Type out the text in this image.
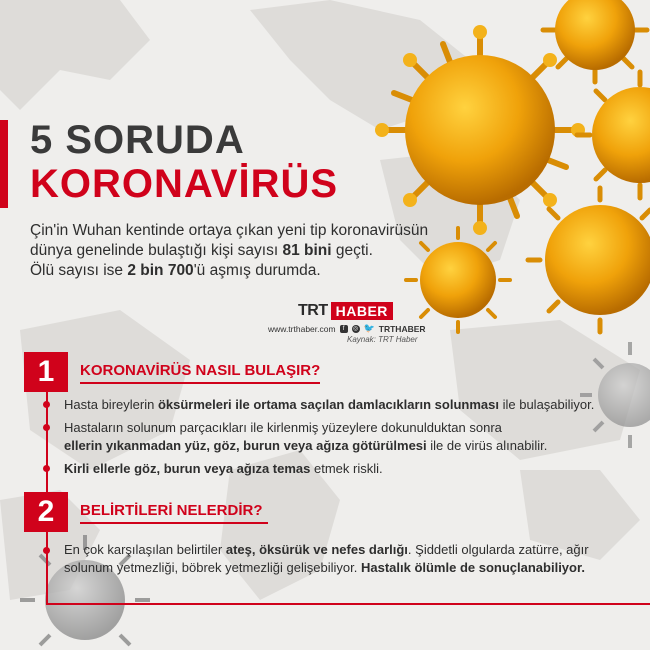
5 SORUDA
KORONAVİRÜS
Çin'in Wuhan kentinde ortaya çıkan yeni tip koronavirüsün
dünya genelinde bulaştığı kişi sayısı 81 bini geçti.
Ölü sayısı ise 2 bin 700'ü aşmış durumda.
TRT HABER
www.trthaber.com	f	◎ 🐦 TRTHABER
Kaynak: TRT Haber
1	KORONAVİRÜS NASIL BULAŞIR?
Hasta bireylerin öksürmeleri ile ortama saçılan damlacıkların solunması ile bulaşabiliyor.
Hastaların solunum parçacıkları ile kirlenmiş yüzeylere dokunulduktan sonra
ellerin yıkanmadan yüz, göz, burun veya ağıza götürülmesi ile de virüs alınabilir.
Kirli ellerle göz, burun veya ağıza temas etmek riskli.
2	BELİRTİLERİ NELERDİR?
En çok karşılaşılan belirtiler ateş, öksürük ve nefes darlığı. Şiddetli olgularda zatürre, ağır
solunum yetmezliği, böbrek yetmezliği gelişebiliyor. Hastalık ölümle de sonuçlanabiliyor.
